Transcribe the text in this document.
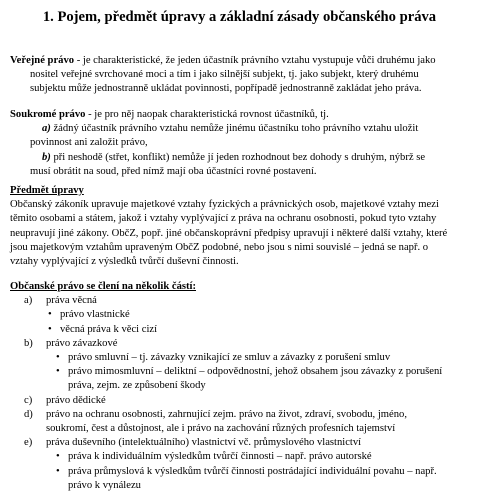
1. Pojem, předmět úpravy a základní zásady občanského práva
Veřejné právo - je charakteristické, že jeden účastník právního vztahu vystupuje vůči druhému jako
nositel veřejné svrchované moci a tím i jako silnější subjekt, tj. jako subjekt, který druhému
subjektu může jednostranně ukládat povinnosti, popřípadě jednostranně zakládat jeho práva.
Soukromé právo - je pro něj naopak charakteristická rovnost účastníků, tj.
a) žádný účastník právního vztahu nemůže jinému účastníku toho právního vztahu uložit
povinnost ani založit právo,
b) při neshodě (střet, konflikt) nemůže jí jeden rozhodnout bez dohody s druhým, nýbrž se
musí obrátit na soud, před nímž mají oba účastníci rovné postavení.
Předmět úpravy
Občanský zákoník upravuje majetkové vztahy fyzických a právnických osob, majetkové vztahy mezi
těmito osobami a státem, jakož i vztahy vyplývající z práva na ochranu osobnosti, pokud tyto vztahy
neupravují jiné zákony. ObčZ, popř. jiné občanskoprávní předpisy upravují i některé další vztahy, které
jsou majetkovým vztahům upraveným ObčZ podobné, nebo jsou s nimi souvislé – jedná se např. o
vztahy vyplývající z výsledků tvůrčí duševní činnosti.
Občanské právo se člení na několik částí:
a) práva věcná
• právo vlastnické
• věcná práva k věci cizí
b) právo závazkové
• právo smluvní – tj. závazky vznikající ze smluv a závazky z porušení smluv
• právo mimosmluvní – deliktní – odpovědnostní, jehož obsahem jsou závazky z porušení
práva, zejm. ze způsobení škody
c) právo dědické
d) právo na ochranu osobnosti, zahrnující zejm. právo na život, zdraví, svobodu, jméno,
soukromí, čest a důstojnost, ale i právo na zachování různých profesních tajemství
e) práva duševního (intelektuálního) vlastnictví vč. průmyslového vlastnictví
• práva k individuálním výsledkům tvůrčí činnosti – např. právo autorské
• práva průmyslová k výsledkům tvůrčí činnosti postrádající individuální povahu – např.
právo k vynálezu
